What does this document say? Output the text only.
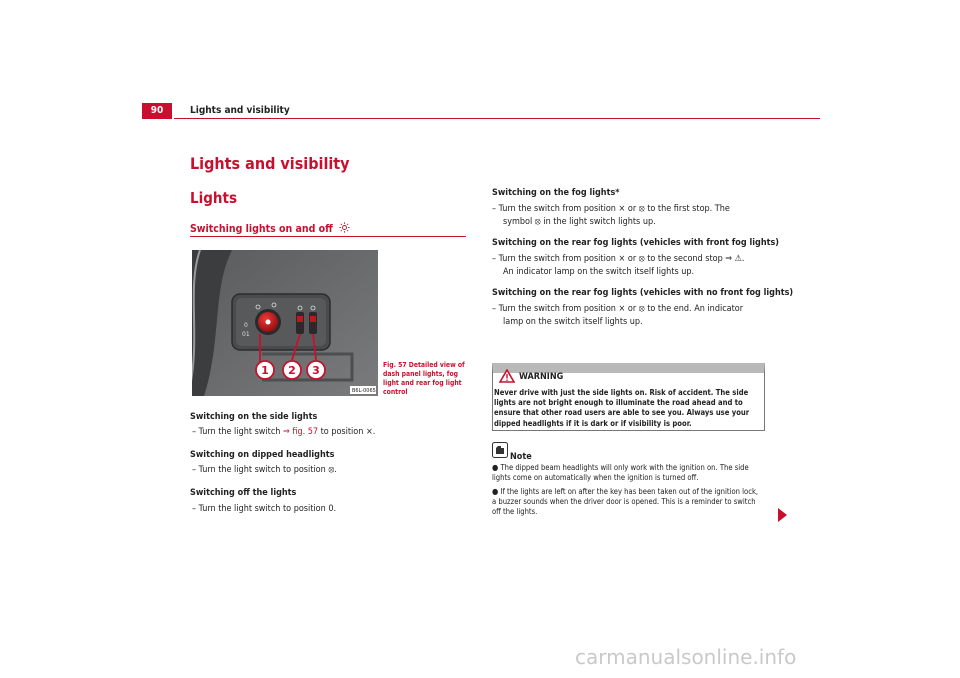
90	Lights and visibility
Lights and visibility
Lights
Switching lights on and off
0
01
1 2 3
B6L-0065
Fig. 57 Detailed view of dash panel lights, fog light and rear fog light control
Switching on the side lights
– Turn the light switch ⇒ fig. 57 to position ⨯.
Switching on dipped headlights
– Turn the light switch to position ⦻.
Switching off the lights
– Turn the light switch to position 0.
Switching on the fog lights*
– Turn the switch from position ⨯ or ⦻ to the first stop. The
symbol ⦻ in the light switch lights up.
Switching on the rear fog lights (vehicles with front fog lights)
– Turn the switch from position ⨯ or ⦻ to the second stop ⇒ ⚠.
An indicator lamp on the switch itself lights up.
Switching on the rear fog lights (vehicles with no front fog lights)
– Turn the switch from position ⨯ or ⦻ to the end. An indicator
lamp on the switch itself lights up.
WARNING
Never drive with just the side lights on. Risk of accident. The side lights are not bright enough to illuminate the road ahead and to ensure that other road users are able to see you. Always use your dipped headlights if it is dark or if visibility is poor.
Note
● The dipped beam headlights will only work with the ignition on. The side lights come on automatically when the ignition is turned off.
● If the lights are left on after the key has been taken out of the ignition lock, a buzzer sounds when the driver door is opened. This is a reminder to switch off the lights.
carmanualsonline.info
